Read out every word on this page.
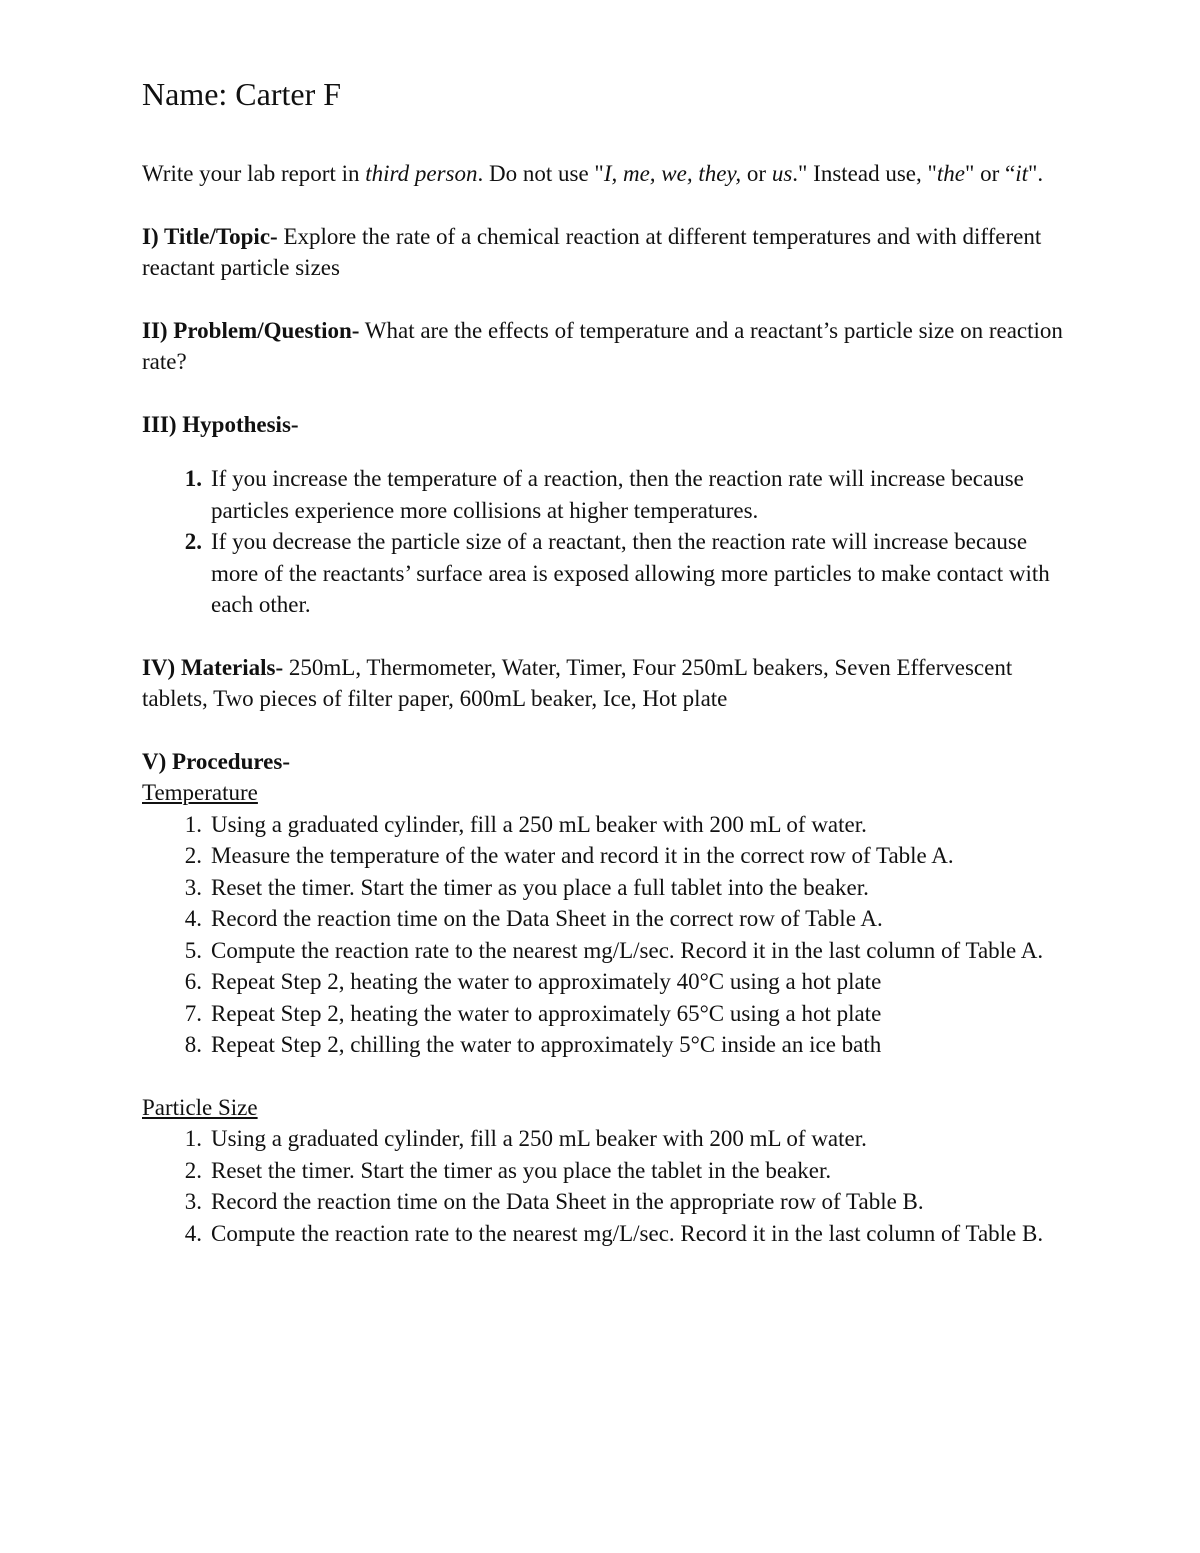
Name: Carter F

Write your lab report in third person. Do not use "I, me, we, they, or us." Instead use, "the" or “it".

I) Title/Topic- Explore the rate of a chemical reaction at different temperatures and with different reactant particle sizes

II) Problem/Question- What are the effects of temperature and a reactant’s particle size on reaction rate?

III) Hypothesis-

1. If you increase the temperature of a reaction, then the reaction rate will increase because particles experience more collisions at higher temperatures.
2. If you decrease the particle size of a reactant, then the reaction rate will increase because more of the reactants’ surface area is exposed allowing more particles to make contact with each other.

IV) Materials- 250mL, Thermometer, Water, Timer, Four 250mL beakers, Seven Effervescent tablets, Two pieces of filter paper, 600mL beaker, Ice, Hot plate

V) Procedures-

Temperature

1. Using a graduated cylinder, fill a 250 mL beaker with 200 mL of water.
2. Measure the temperature of the water and record it in the correct row of Table A.
3. Reset the timer. Start the timer as you place a full tablet into the beaker.
4. Record the reaction time on the Data Sheet in the correct row of Table A.
5. Compute the reaction rate to the nearest mg/L/sec. Record it in the last column of Table A.
6. Repeat Step 2, heating the water to approximately 40°C using a hot plate
7. Repeat Step 2, heating the water to approximately 65°C using a hot plate
8. Repeat Step 2, chilling the water to approximately 5°C inside an ice bath

Particle Size

1. Using a graduated cylinder, fill a 250 mL beaker with 200 mL of water.
2. Reset the timer. Start the timer as you place the tablet in the beaker.
3. Record the reaction time on the Data Sheet in the appropriate row of Table B.
4. Compute the reaction rate to the nearest mg/L/sec. Record it in the last column of Table B.
